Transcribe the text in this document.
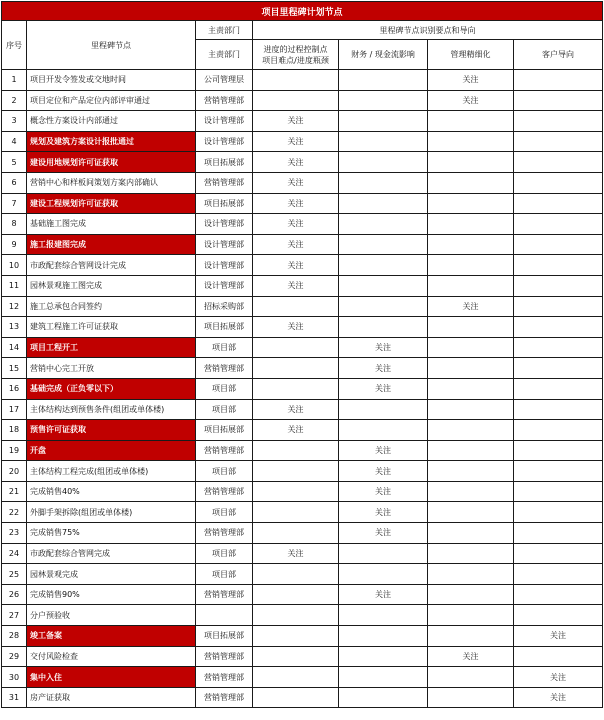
项目里程碑计划节点						
序号	里程碑节点	主责部门	里程碑节点识别要点和导向			
		主责部门	进度的过程控制点
项目难点/进度瓶颈	财务 / 现金流影响	管理精细化	客户导向
1	项目开发令签发或交地时间	公司管理层			关注	
2	项目定位和产品定位内部评审通过	营销管理部			关注	
3	概念性方案设计内部通过	设计管理部	关注			
4	规划及建筑方案设计报批通过	设计管理部	关注			
5	建设用地规划许可证获取	项目拓展部	关注			
6	营销中心和样板间策划方案内部确认	营销管理部	关注			
7	建设工程规划许可证获取	项目拓展部	关注			
8	基础施工图完成	设计管理部	关注			
9	施工报建图完成	设计管理部	关注			
10	市政配套综合管网设计完成	设计管理部	关注			
11	园林景观施工图完成	设计管理部	关注			
12	施工总承包合同签约	招标采购部			关注	
13	建筑工程施工许可证获取	项目拓展部	关注			
14	项目工程开工	项目部		关注		
15	营销中心完工开放	营销管理部		关注		
16	基础完成（正负零以下）	项目部		关注		
17	主体结构达到预售条件(组团或单体楼)	项目部	关注			
18	预售许可证获取	项目拓展部	关注			
19	开盘	营销管理部		关注		
20	主体结构工程完成(组团或单体楼)	项目部		关注		
21	完成销售40%	营销管理部		关注		
22	外脚手架拆除(组团或单体楼)	项目部		关注		
23	完成销售75%	营销管理部		关注		
24	市政配套综合管网完成	项目部	关注			
25	园林景观完成	项目部				
26	完成销售90%	营销管理部		关注		
27	分户预验收					
28	竣工备案	项目拓展部				关注
29	交付风险检查	营销管理部			关注	
30	集中入住	营销管理部				关注
31	房产证获取	营销管理部				关注
